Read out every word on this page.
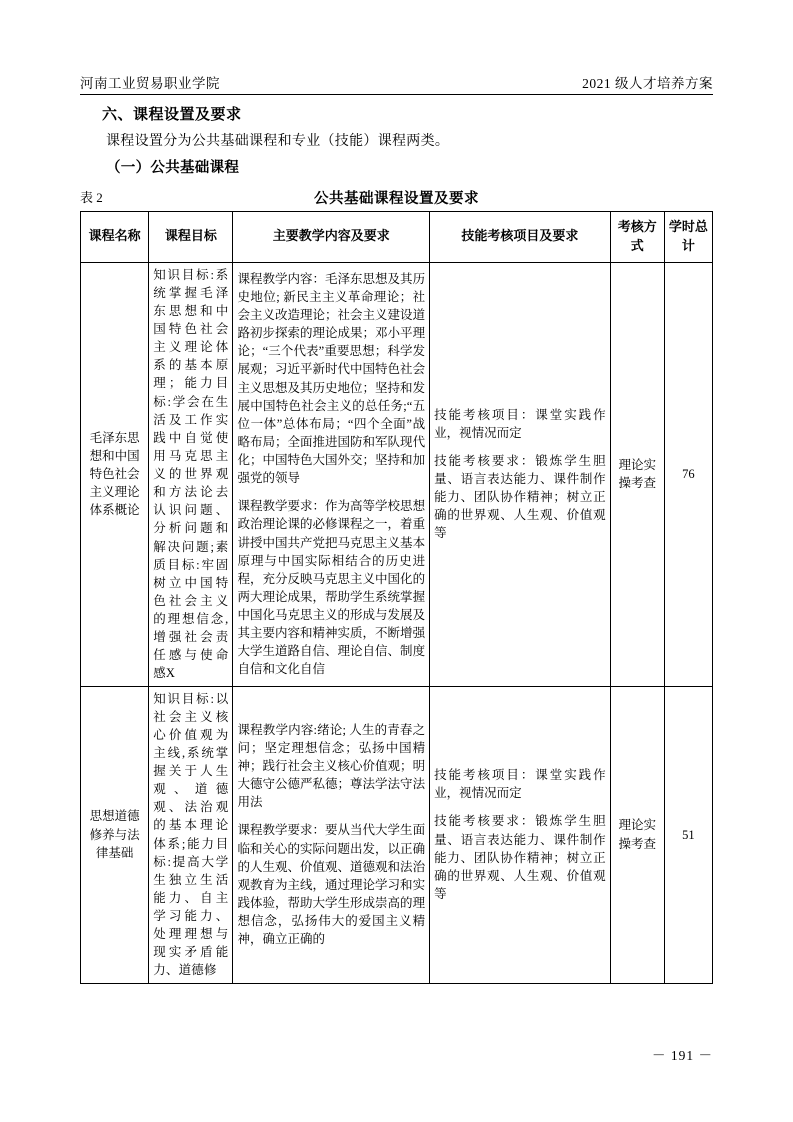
河南工业贸易职业学院	2021 级人才培养方案
六、课程设置及要求

课程设置分为公共基础课程和专业（技能）课程两类。

（一）公共基础课程
表 2	公共基础课程设置及要求
课程名称	课程目标	主要教学内容及要求	技能考核项目及要求	考核方式	学时总计
毛泽东思想和中国特色社会主义理论体系概论	知识目标:系统掌握毛泽东思想和中国特色社会主义理论体系的基本原理；能力目标:学会在生活及工作实践中自觉使用马克思主义的世界观和方法论去认识问题、分析问题和解决问题;素质目标:牢固树立中国特色社会主义的理想信念,增强社会责任感与使命感X	课程教学内容：毛泽东思想及其历史地位; 新民主主义革命理论；社会主义改造理论；社会主义建设道路初步探索的理论成果；邓小平理论；“三个代表”重要思想；科学发展观；习近平新时代中国特色社会主义思想及其历史地位；坚持和发展中国特色社会主义的总任务;“五位一体”总体布局；“四个全面”战略布局；全面推进国防和军队现代化；中国特色大国外交；坚持和加强党的领导
课程教学要求：作为高等学校思想政治理论课的必修课程之一，着重讲授中国共产党把马克思主义基本原理与中国实际相结合的历史进程，充分反映马克思主义中国化的两大理论成果，帮助学生系统掌握中国化马克思主义的形成与发展及其主要内容和精神实质，不断增强大学生道路自信、理论自信、制度自信和文化自信	技能考核项目：课堂实践作业，视情况而定
技能考核要求：锻炼学生胆量、语言表达能力、课件制作能力、团队协作精神；树立正确的世界观、人生观、价值观等	理论实操考查	76
思想道德修养与法律基础	知识目标:以社会主义核心价值观为主线,系统掌握关于人生观、道德观、法治观的基本理论体系;能力目标:提高大学生独立生活能力、自主学习能力、处理理想与现实矛盾能力、道德修	课程教学内容:绪论; 人生的青春之问；坚定理想信念；弘扬中国精神；践行社会主义核心价值观；明大德守公德严私德；尊法学法守法用法
课程教学要求：要从当代大学生面临和关心的实际问题出发，以正确的人生观、价值观、道德观和法治观教育为主线，通过理论学习和实践体验，帮助大学生形成崇高的理想信念，弘扬伟大的爱国主义精神，确立正确的	技能考核项目：课堂实践作业，视情况而定
技能考核要求：锻炼学生胆量、语言表达能力、课件制作能力、团队协作精神；树立正确的世界观、人生观、价值观等	理论实操考查	51
－ 191 －
